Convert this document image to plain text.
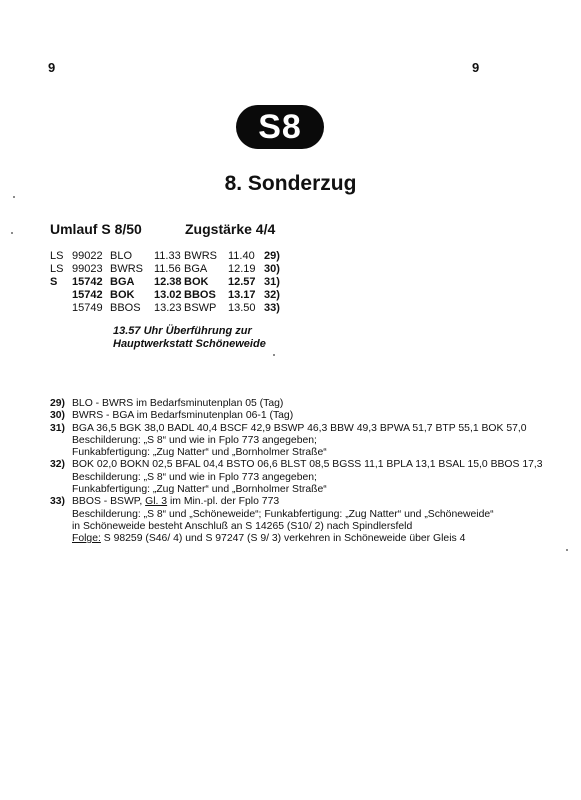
9	9
S8
8. Sonderzug
Umlauf S 8/50	Zugstärke 4/4
LS 99022 BLO 11.33 BWRS 11.40 29)
LS 99023 BWRS 11.56 BGA 12.19 30)
S 15742 BGA 12.38 BOK 12.57 31)
15742 BOK 13.02 BBOS 13.17 32)
15749 BBOS 13.23 BSWP 13.50 33)
13.57 Uhr Überführung zur
Hauptwerkstatt Schöneweide
29) BLO - BWRS im Bedarfsminutenplan 05 (Tag)
30) BWRS - BGA im Bedarfsminutenplan 06-1 (Tag)
31) BGA 36,5 BGK 38,0 BADL 40,4 BSCF 42,9 BSWP 46,3 BBW 49,3 BPWA 51,7 BTP 55,1 BOK 57,0
Beschilderung: „S 8“ und wie in Fplo 773 angegeben;
Funkabfertigung: „Zug Natter“ und „Bornholmer Straße“
32) BOK 02,0 BOKN 02,5 BFAL 04,4 BSTO 06,6 BLST 08,5 BGSS 11,1 BPLA 13,1 BSAL 15,0 BBOS 17,3
Beschilderung: „S 8“ und wie in Fplo 773 angegeben;
Funkabfertigung: „Zug Natter“ und „Bornholmer Straße“
33) BBOS - BSWP, Gl. 3 im Min.-pl. der Fplo 773
Beschilderung: „S 8“ und „Schöneweide“; Funkabfertigung: „Zug Natter“ und „Schöneweide“
in Schöneweide besteht Anschluß an S 14265 (S10/ 2) nach Spindlersfeld
Folge: S 98259 (S46/ 4) und S 97247 (S 9/ 3) verkehren in Schöneweide über Gleis 4
